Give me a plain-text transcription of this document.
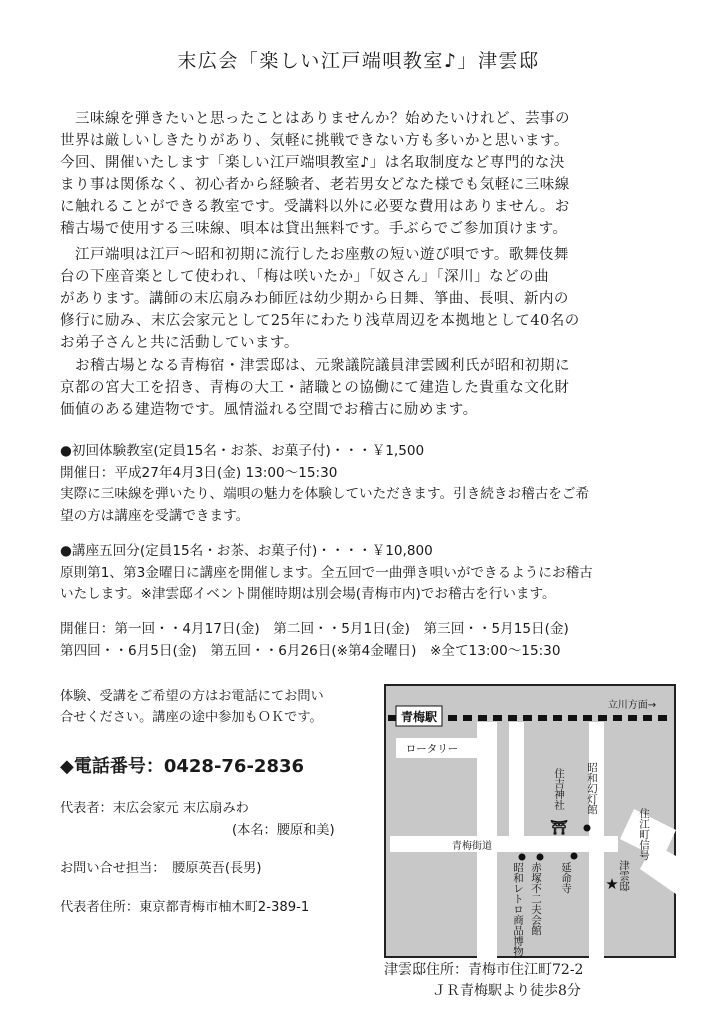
末広会「楽しい江戸端唄教室♪」津雲邸

三味線を弾きたいと思ったことはありませんか？始めたいけれど、芸事の
世界は厳しいしきたりがあり、気軽に挑戦できない方も多いかと思います。
今回、開催いたします「楽しい江戸端唄教室♪」は名取制度など専門的な決
まり事は関係なく、初心者から経験者、老若男女どなた様でも気軽に三味線
に触れることができる教室です。受講料以外に必要な費用はありません。お
稽古場で使用する三味線、唄本は貸出無料です。手ぶらでご参加頂けます。

江戸端唄は江戸～昭和初期に流行したお座敷の短い遊び唄です。歌舞伎舞
台の下座音楽として使われ、「梅は咲いたか」「奴さん」「深川」などの曲
があります。講師の末広扇みわ師匠は幼少期から日舞、箏曲、長唄、新内の
修行に励み、末広会家元として25年にわたり浅草周辺を本拠地として40名の
お弟子さんと共に活動しています。

お稽古場となる青梅宿・津雲邸は、元衆議院議員津雲國利氏が昭和初期に
京都の宮大工を招き、青梅の大工・諸職との協働にて建造した貴重な文化財
価値のある建造物です。風情溢れる空間でお稽古に励めます。

●初回体験教室(定員15名・お茶、お菓子付)・・・￥1,500
開催日：平成27年4月3日(金) 13:00～15:30
実際に三味線を弾いたり、端唄の魅力を体験していただきます。引き続きお稽古をご希
望の方は講座を受講できます。
●講座五回分(定員15名・お茶、お菓子付)・・・・￥10,800
原則第1、第3金曜日に講座を開催します。全五回で一曲弾き唄いができるようにお稽古
いたします。※津雲邸イベント開催時期は別会場(青梅市内)でお稽古を行います。
開催日：第一回・・4月17日(金)　第二回・・5月1日(金)　第三回・・5月15日(金)
第四回・・6月5日(金)　第五回・・6月26日(※第4金曜日)　※全て13:00～15:30
体験、受講をご希望の方はお電話にてお問い
合せください。講座の途中参加もＯＫです。
◆電話番号：0428-76-2836
代表者：末広会家元 末広扇みわ
(本名：腰原和美)
お問い合せ担当：　腰原英吾(長男)
代表者住所：東京都青梅市柚木町2-389-1
青梅駅
立川方面→
ロータリー
青梅街道
昭和幻灯館
住吉神社
住江町信号
昭和レトロ商品博物館 赤塚不二夫会館 延命寺	津雲邸
⛩
★
津雲邸住所：青梅市住江町72-2
ＪＲ青梅駅より徒歩8分
